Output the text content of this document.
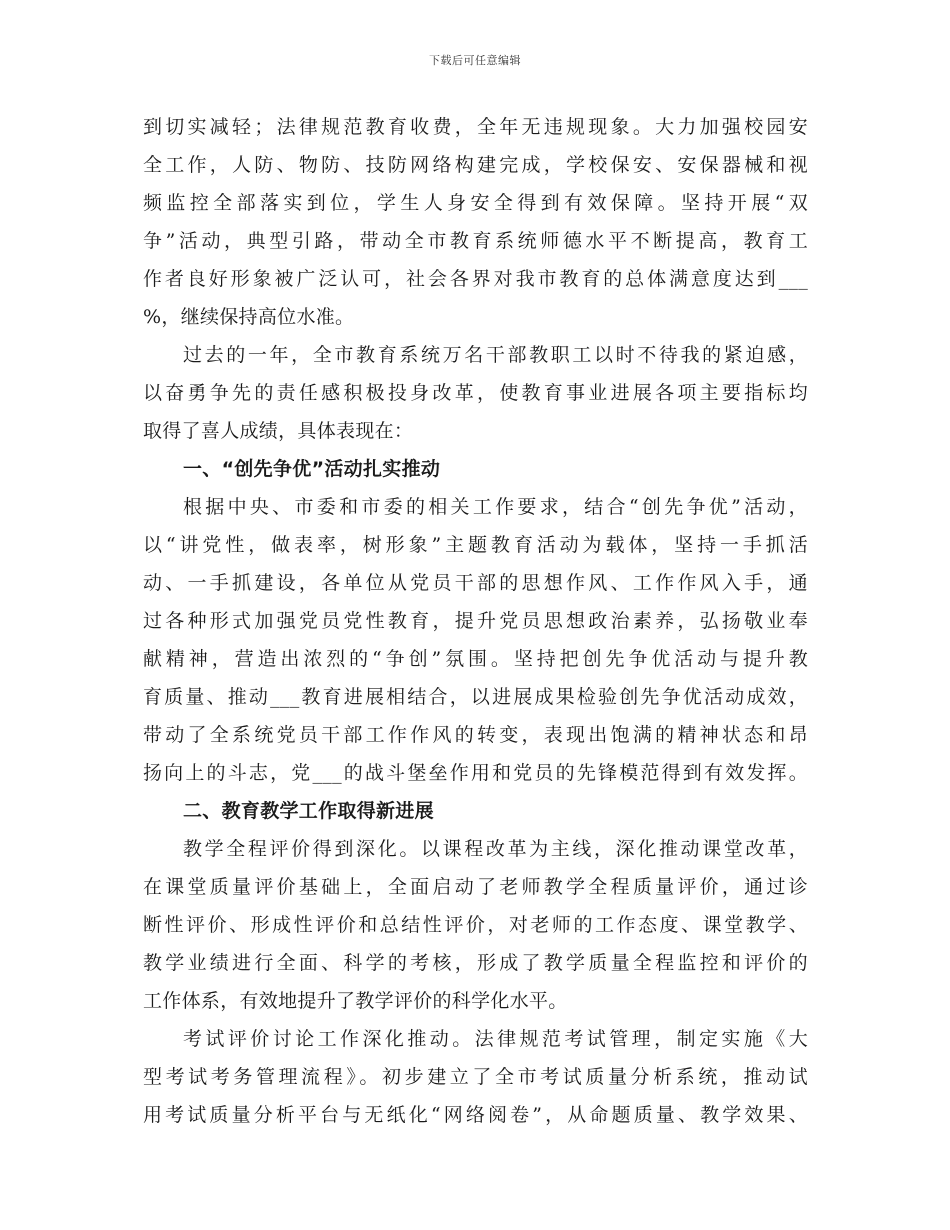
下载后可任意编辑
到切实减轻；法律规范教育收费，全年无违规现象。大力加强校园安
全工作，人防、物防、技防网络构建完成，学校保安、安保器械和视
频监控全部落实到位，学生人身安全得到有效保障。坚持开展“双
争”活动，典型引路，带动全市教育系统师德水平不断提高，教育工
作者良好形象被广泛认可，社会各界对我市教育的总体满意度达到___
%，继续保持高位水准。
过去的一年，全市教育系统万名干部教职工以时不待我的紧迫感，
以奋勇争先的责任感积极投身改革，使教育事业进展各项主要指标均
取得了喜人成绩，具体表现在：
一、“创先争优”活动扎实推动
根据中央、市委和市委的相关工作要求，结合“创先争优”活动，
以“讲党性，做表率，树形象”主题教育活动为载体，坚持一手抓活
动、一手抓建设，各单位从党员干部的思想作风、工作作风入手，通
过各种形式加强党员党性教育，提升党员思想政治素养，弘扬敬业奉
献精神，营造出浓烈的“争创”氛围。坚持把创先争优活动与提升教
育质量、推动___教育进展相结合，以进展成果检验创先争优活动成效，
带动了全系统党员干部工作作风的转变，表现出饱满的精神状态和昂
扬向上的斗志，党___的战斗堡垒作用和党员的先锋模范得到有效发挥。
二、教育教学工作取得新进展
教学全程评价得到深化。以课程改革为主线，深化推动课堂改革，
在课堂质量评价基础上，全面启动了老师教学全程质量评价，通过诊
断性评价、形成性评价和总结性评价，对老师的工作态度、课堂教学、
教学业绩进行全面、科学的考核，形成了教学质量全程监控和评价的
工作体系，有效地提升了教学评价的科学化水平。
考试评价讨论工作深化推动。法律规范考试管理，制定实施《大
型考试考务管理流程》。初步建立了全市考试质量分析系统，推动试
用考试质量分析平台与无纸化“网络阅卷”，从命题质量、教学效果、
